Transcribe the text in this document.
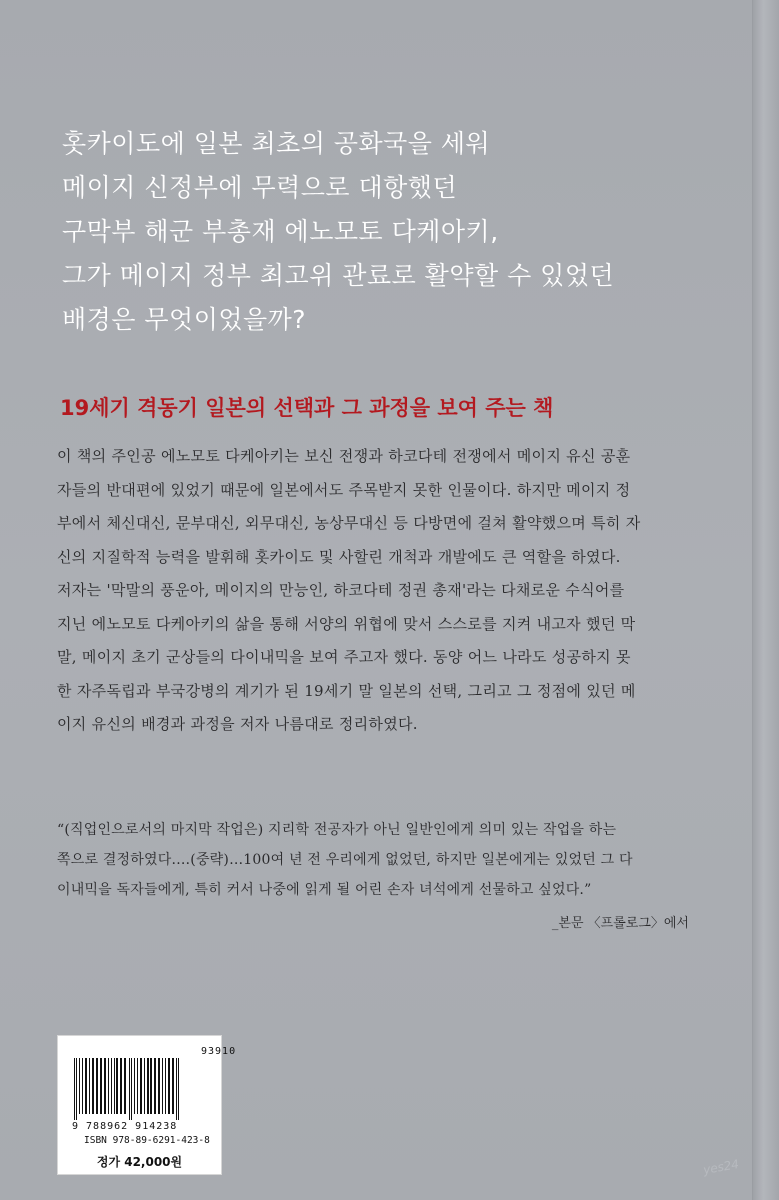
홋카이도에 일본 최초의 공화국을 세워
메이지 신정부에 무력으로 대항했던
구막부 해군 부총재 에노모토 다케아키,
그가 메이지 정부 최고위 관료로 활약할 수 있었던
배경은 무엇이었을까?
19세기 격동기 일본의 선택과 그 과정을 보여 주는 책
이 책의 주인공 에노모토 다케아키는 보신 전쟁과 하코다테 전쟁에서 메이지 유신 공훈
자들의 반대편에 있었기 때문에 일본에서도 주목받지 못한 인물이다. 하지만 메이지 정
부에서 체신대신, 문부대신, 외무대신, 농상무대신 등 다방면에 걸쳐 활약했으며 특히 자
신의 지질학적 능력을 발휘해 홋카이도 및 사할린 개척과 개발에도 큰 역할을 하였다.
저자는 '막말의 풍운아, 메이지의 만능인, 하코다테 정권 총재'라는 다채로운 수식어를
지닌 에노모토 다케아키의 삶을 통해 서양의 위협에 맞서 스스로를 지켜 내고자 했던 막
말, 메이지 초기 군상들의 다이내믹을 보여 주고자 했다. 동양 어느 나라도 성공하지 못
한 자주독립과 부국강병의 계기가 된 19세기 말 일본의 선택, 그리고 그 정점에 있던 메
이지 유신의 배경과 과정을 저자 나름대로 정리하였다.
“(직업인으로서의 마지막 작업은) 지리학 전공자가 아닌 일반인에게 의미 있는 작업을 하는
쪽으로 결정하였다.…(중략)…100여 년 전 우리에게 없었던, 하지만 일본에게는 있었던 그 다
이내믹을 독자들에게, 특히 커서 나중에 읽게 될 어린 손자 녀석에게 선물하고 싶었다.”
_본문 〈프롤로그〉에서
93910
9 788962 914238
ISBN 978-89-6291-423-8
정가 42,000원	yes24
